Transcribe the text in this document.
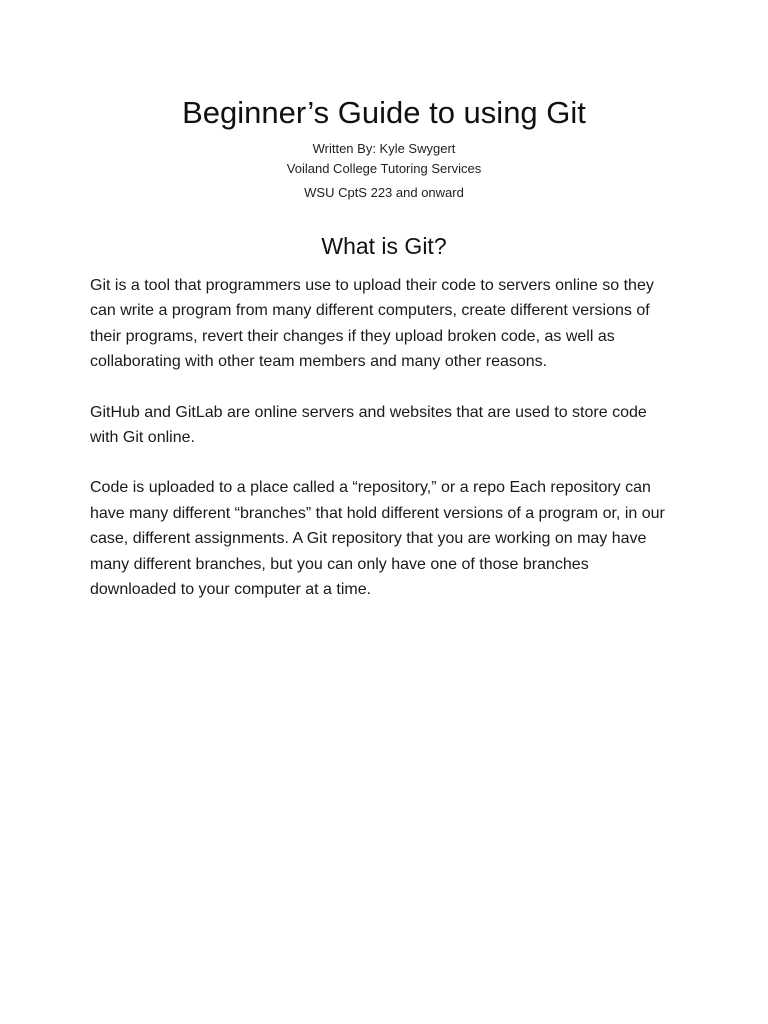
Beginner’s Guide to using Git
Written By: Kyle Swygert
Voiland College Tutoring Services
WSU CptS 223 and onward
What is Git?

Git is a tool that programmers use to upload their code to servers online so they can write a program from many different computers, create different versions of their programs, revert their changes if they upload broken code, as well as collaborating with other team members and many other reasons.

GitHub and GitLab are online servers and websites that are used to store code with Git online.

Code is uploaded to a place called a “repository,” or a repo Each repository can have many different “branches” that hold different versions of a program or, in our case, different assignments. A Git repository that you are working on may have many different branches, but you can only have one of those branches downloaded to your computer at a time.
